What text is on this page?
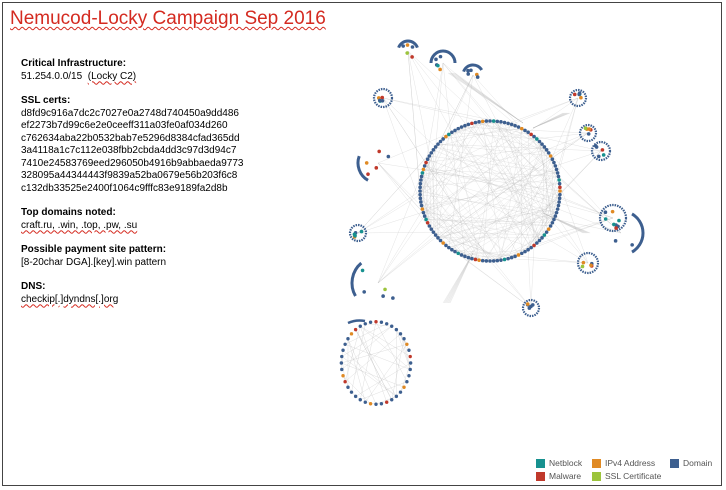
Nemucod-Locky Campaign Sep 2016
Critical Infrastructure:
51.254.0.0/15 (Locky C2)
SSL certs:
d8fd9c916a7dc2c7027e0a2748d740450a9dd486
ef2273b7d99c6e2e0ceeff311a03fe0af034d260
c762634aba22b0532bab7e5296d8384cfad365dd
3a4118a1c7c112e038fbb2cbda4dd3c97d3d94c7
7410e24583769eed296050b4916b9abbaeda9773
328095a44344443f9839a52ba0679e56b203f6c8
c132db33525e2400f1064c9fffc83e9189fa2d8b
Top domains noted:
craft.ru, .win, .top, .pw, .su
Possible payment site pattern:
[8-20char DGA].[key].win pattern
DNS:
checkip[.]dyndns[.]org
Netblock	IPv4 Address	Domain
Malware	SSL Certificate
